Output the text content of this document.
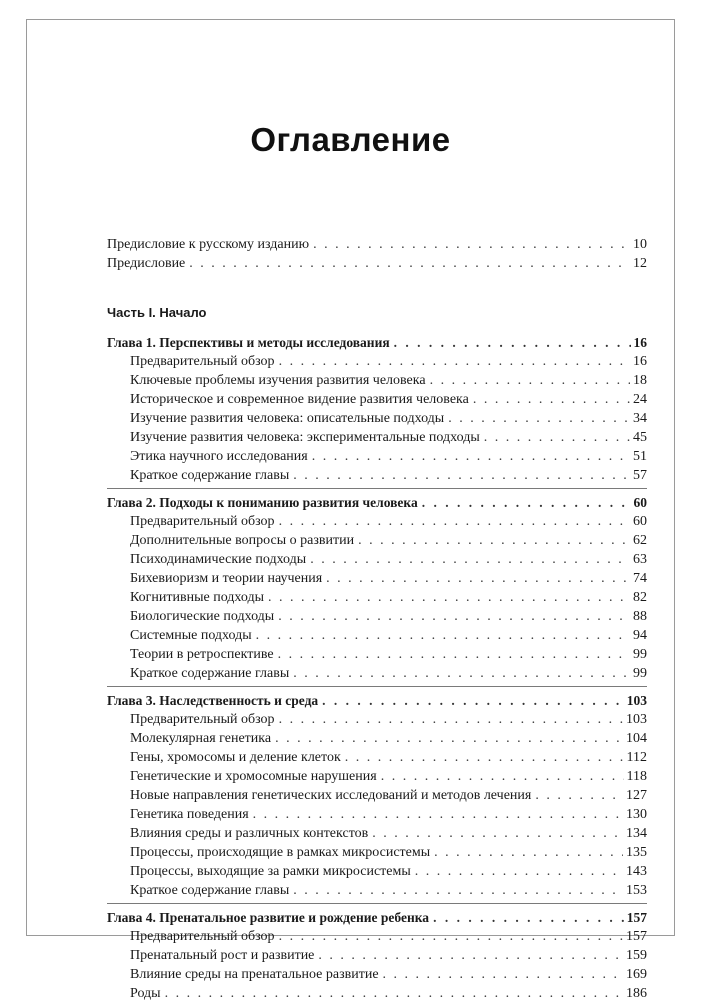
Оглавление
Предисловие к русскому изданию . . .	10
Предисловие . . .	12
Часть I. Начало
Глава 1. Перспективы и методы исследования . . .	16
Предварительный обзор . . .	16
Ключевые проблемы изучения развития человека . . .	18
Историческое и современное видение развития человека . . .	24
Изучение развития человека: описательные подходы . . .	34
Изучение развития человека: экспериментальные подходы . . .	45
Этика научного исследования . . .	51
Краткое содержание главы . . .	57
Глава 2. Подходы к пониманию развития человека . . .	60
Предварительный обзор . . .	60
Дополнительные вопросы о развитии . . .	62
Психодинамические подходы . . .	63
Бихевиоризм и теории научения . . .	74
Когнитивные подходы . . .	82
Биологические подходы . . .	88
Системные подходы . . .	94
Теории в ретроспективе . . .	99
Краткое содержание главы . . .	99
Глава 3. Наследственность и среда . . .	103
Предварительный обзор . . .	103
Молекулярная генетика . . .	104
Гены, хромосомы и деление клеток . . .	112
Генетические и хромосомные нарушения . . .	118
Новые направления генетических исследований и методов лечения . . .	127
Генетика поведения . . .	130
Влияния среды и различных контекстов . . .	134
Процессы, происходящие в рамках микросистемы . . .	135
Процессы, выходящие за рамки микросистемы . . .	143
Краткое содержание главы . . .	153
Глава 4. Пренатальное развитие и рождение ребенка . . .	157
Предварительный обзор . . .	157
Пренатальный рост и развитие . . .	159
Влияние среды на пренатальное развитие . . .	169
Роды . . .	186
